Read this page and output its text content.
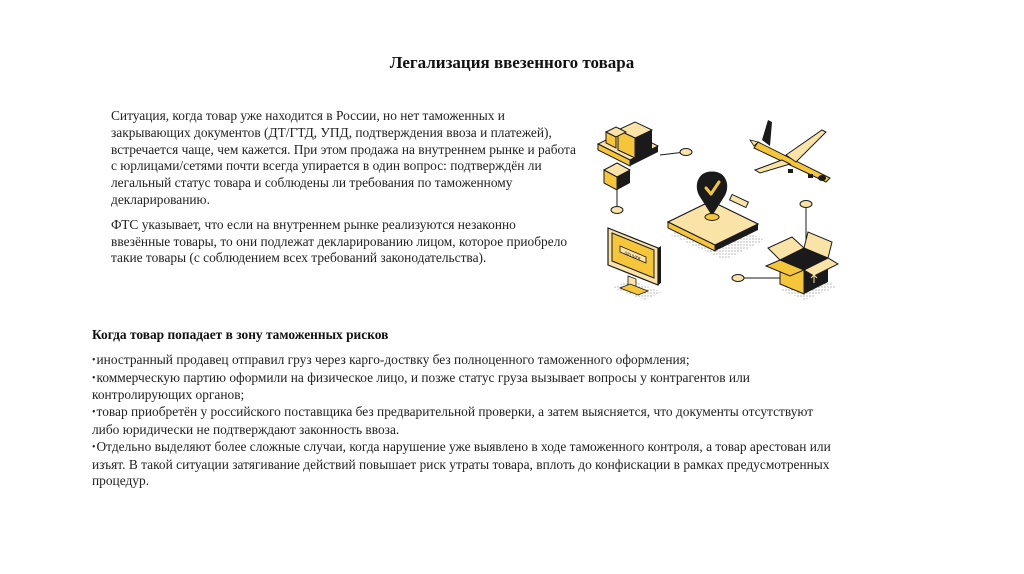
Легализация ввезенного товара

Ситуация, когда товар уже находится в России, но нет таможенных и закрывающих документов (ДТ/ГТД, УПД, подтверждения ввоза и платежей), встречается чаще, чем кажется. При этом продажа на внутреннем рынке и работа с юрлицами/сетями почти всегда упирается в один вопрос: подтверждён ли легальный статус товара и соблюдены ли требования по таможенному декларированию.

ФТС указывает, что если на внутреннем рынке реализуются незаконно ввезённые товары, то они подлежат декларированию лицом, которое приобрело такие товары (с соблюдением всех требований законодательства).	DELIVER
Когда товар попадает в зону таможенных рисков
•иностранный продавец отправил груз через карго-доствку без полноценного таможенного оформления;
•коммерческую партию оформили на физическое лицо, и позже статус груза вызывает вопросы у контрагентов или контролирующих органов;
•товар приобретён у российского поставщика без предварительной проверки, а затем выясняется, что документы отсутствуют либо юридически не подтверждают законность ввоза.
•Отдельно выделяют более сложные случаи, когда нарушение уже выявлено в ходе таможенного контроля, а товар арестован или изъят. В такой ситуации затягивание действий повышает риск утраты товара, вплоть до конфискации в рамках предусмотренных процедур.
